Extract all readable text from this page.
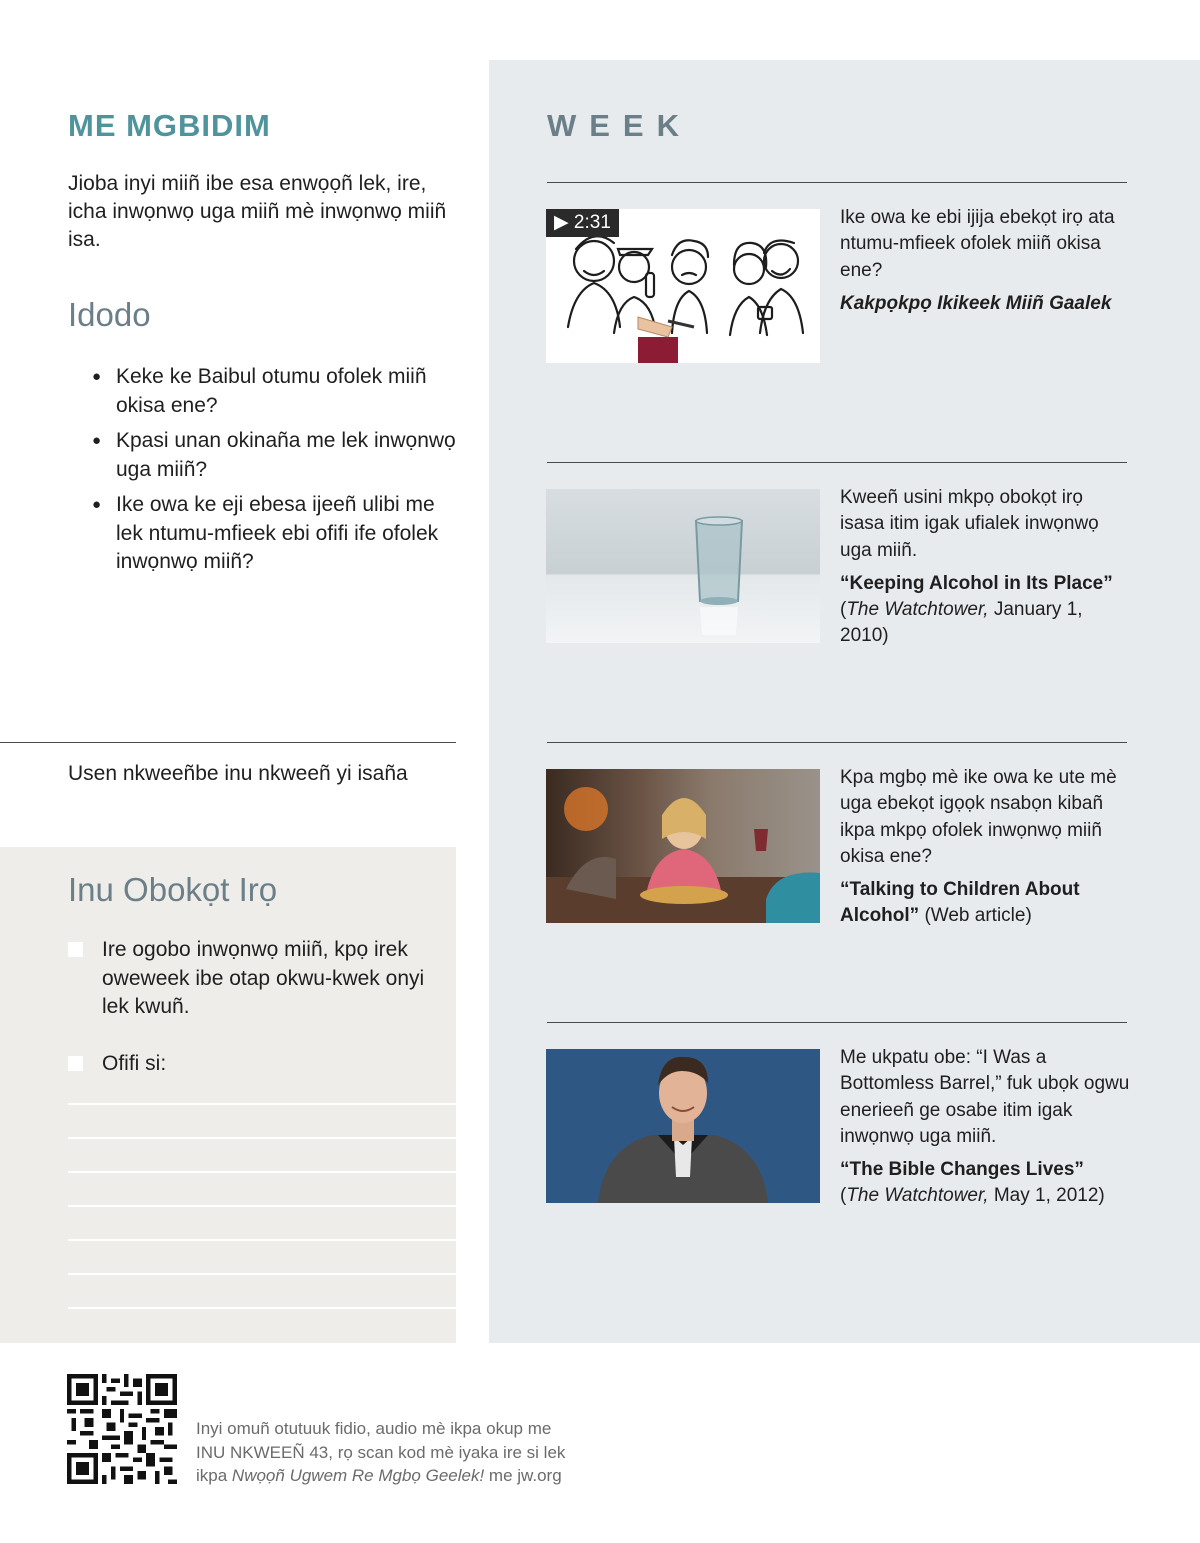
ME MGBIDIM
Jioba inyi miiñ ibe esa enwọọñ lek, ire, icha inwọnwọ uga miiñ mè inwọnwọ miiñ isa.
Idodo
● Keke ke Baibul otumu ofolek miiñ okisa ene?
● Kpasi unan okinaña me lek inwọnwọ uga miiñ?
● Ike owa ke eji ebesa ijeeñ ulibi me lek ntumu-mfieek ebi ofifi ife ofolek inwọnwọ miiñ?
Usen nkweeñbe inu nkweeñ yi isaña
Inu Obokọt Irọ
Ire ogobo inwọnwọ miiñ, kpọ irek oweweek ibe otap okwu-kwek onyi lek kwuñ.
Ofifi si:
WEEK
▶ 2:31	Ike owa ke ebi ijija ebekọt irọ ata ntumu-mfieek ofolek miiñ okisa ene?
Kakpọkpọ Ikikeek Miiñ Gaalek
Kweeñ usini mkpọ obokọt irọ isasa itim igak ufialek inwọnwọ uga miiñ.
“Keeping Alcohol in Its Place”
(The Watchtower, January 1, 2010)
Kpa mgbọ mè ike owa ke ute mè uga ebekọt igọọk nsabọn kibañ ikpa mkpọ ofolek inwọnwọ miiñ okisa ene?
“Talking to Children About Alcohol” (Web article)
Me ukpatu obe: “I Was a Bottomless Barrel,” fuk ubọk ogwu enerieeñ ge osabe itim igak inwọnwọ uga miiñ.
“The Bible Changes Lives”
(The Watchtower, May 1, 2012)
Inyi omuñ otutuuk fidio, audio mè ikpa okup me
INU NKWEEÑ 43, rọ scan kod mè iyaka ire si lek
ikpa Nwọọñ Ugwem Re Mgbọ Geelek! me jw.org
